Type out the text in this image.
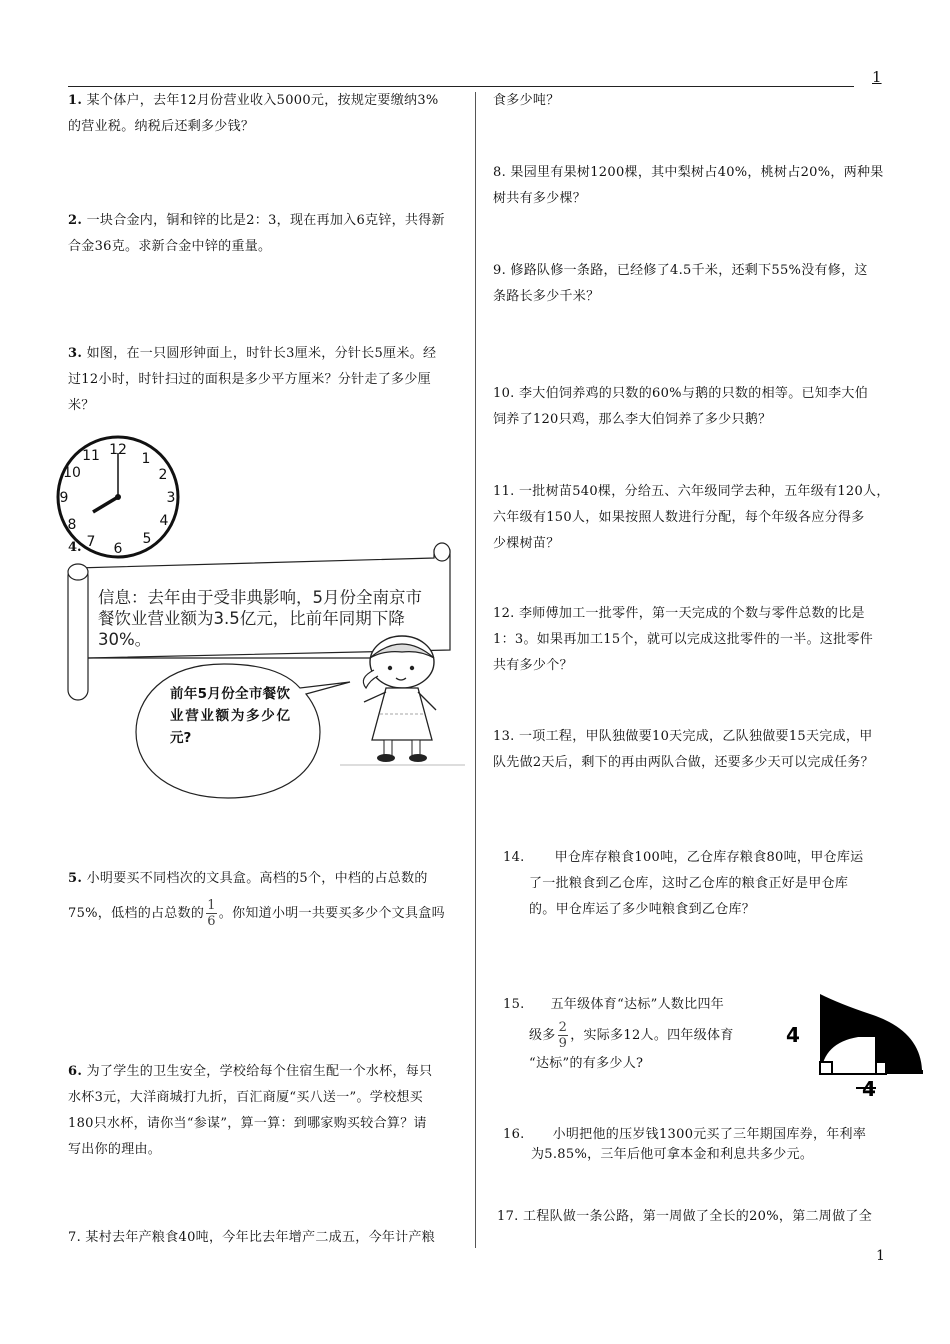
1
1. 某个体户，去年12月份营业收入5000元，按规定要缴纳3%
的营业税。纳税后还剩多少钱？
2. 一块合金内，铜和锌的比是2：3，现在再加入6克锌，共得新
合金36克。求新合金中锌的重量。
3. 如图，在一只圆形钟面上，时针长3厘米，分针长5厘米。经
过12小时，时针扫过的面积是多少平方厘米？分针走了多少厘
米？
12
1
2
3
4
5
6
7
8
9
10
11
4.
信息：去年由于受非典影响，5月份全南京市餐饮业营业额为3.5亿元，比前年同期下降30%。
前年5月份全市餐饮业营业额为多少亿元?
5. 小明要买不同档次的文具盒。高档的5个，中档的占总数的
75%，低档的占总数的 $\frac{1}{6}$ 。你知道小明一共要买多少个文具盒吗
6. 为了学生的卫生安全，学校给每个住宿生配一个水杯，每只
水杯3元，大洋商城打九折，百汇商厦“买八送一”。学校想买
180只水杯，请你当“参谋”，算一算：到哪家购买较合算？请
写出你的理由。
7. 某村去年产粮食40吨，今年比去年增产二成五，今年计产粮
食多少吨？
8. 果园里有果树1200棵，其中梨树占40%，桃树占20%，两种果
树共有多少棵？
9. 修路队修一条路，已经修了4.5千米，还剩下55%没有修，这
条路长多少千米？
10. 李大伯饲养鸡的只数的60%与鹅的只数的相等。已知李大伯
饲养了120只鸡，那么李大伯饲养了多少只鹅？
11. 一批树苗540棵，分给五、六年级同学去种，五年级有120人，
六年级有150人，如果按照人数进行分配，每个年级各应分得多
少棵树苗？
12. 李师傅加工一批零件，第一天完成的个数与零件总数的比是
1：3。如果再加工15个，就可以完成这批零件的一半。这批零件
共有多少个？
13. 一项工程，甲队独做要10天完成，乙队独做要15天完成，甲
队先做2天后，剩下的再由两队合做，还要多少天可以完成任务？
14. 甲仓库存粮食100吨，乙仓库存粮食80吨，甲仓库运
了一批粮食到乙仓库，这时乙仓库的粮食正好是甲仓库
的。甲仓库运了多少吨粮食到乙仓库？
15. 五年级体育“达标”人数比四年
级多 $\frac{2}{9}$ ，实际多12人。四年级体育
“达标”的有多少人?
4
4
16. 小明把他的压岁钱1300元买了三年期国库券，年利率
为5.85%，三年后他可拿本金和利息共多少元。
17. 工程队做一条公路，第一周做了全长的20%，第二周做了全
1
